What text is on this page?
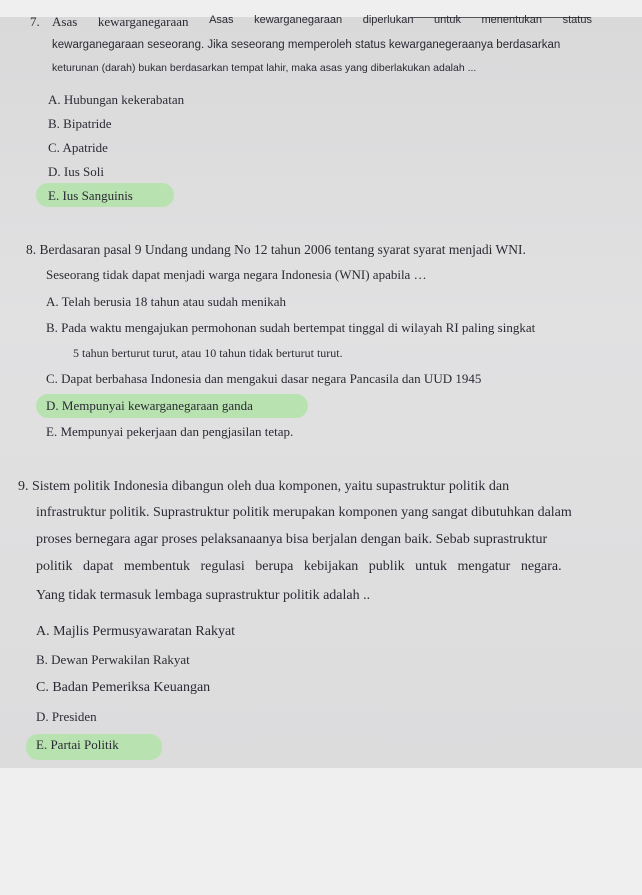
7. Asas kewarganegaraan Asas kewarganegaraan diperlukan untuk menentukan status
kewarganegaraan seseorang. Jika seseorang memperoleh status kewarganegeraanya berdasarkan
keturunan (darah) bukan berdasarkan tempat lahir, maka asas yang diberlakukan adalah ...
A. Hubungan kekerabatan
B. Bipatride
C. Apatride
D. Ius Soli
E. Ius Sanguinis
8. Berdasaran pasal 9 Undang undang No 12 tahun 2006 tentang syarat syarat menjadi WNI.
Seseorang tidak dapat menjadi warga negara Indonesia (WNI) apabila …
A. Telah berusia 18 tahun atau sudah menikah
B. Pada waktu mengajukan permohonan sudah bertempat tinggal di wilayah RI paling singkat
5 tahun berturut turut, atau 10 tahun tidak berturut turut.
C. Dapat berbahasa Indonesia dan mengakui dasar negara Pancasila dan UUD 1945
D. Mempunyai kewarganegaraan ganda
E. Mempunyai pekerjaan dan pengjasilan tetap.
9. Sistem politik Indonesia dibangun oleh dua komponen, yaitu supastruktur politik dan
infrastruktur politik. Suprastruktur politik merupakan komponen yang sangat dibutuhkan dalam
proses bernegara agar proses pelaksanaanya bisa berjalan dengan baik. Sebab suprastruktur
politik dapat membentuk regulasi berupa kebijakan publik untuk mengatur negara.
Yang tidak termasuk lembaga suprastruktur politik adalah ..
A. Majlis Permusyawaratan Rakyat
B. Dewan Perwakilan Rakyat
C. Badan Pemeriksa Keuangan
D. Presiden
E. Partai Politik
